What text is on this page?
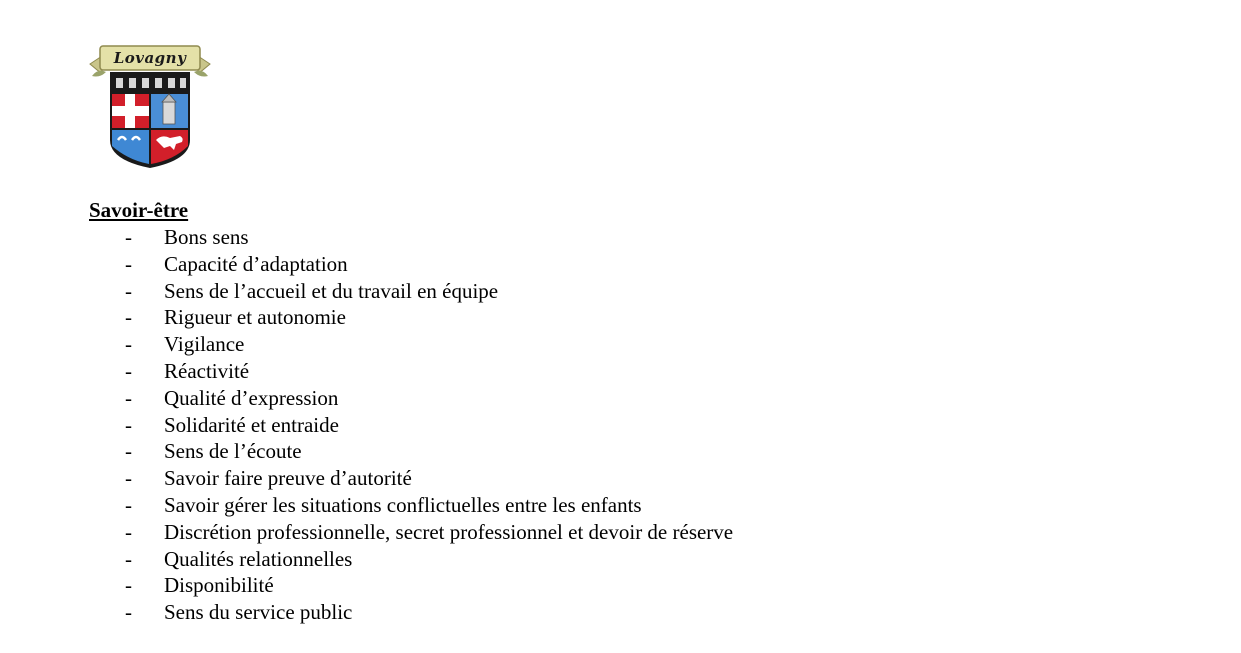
Lovagny
Savoir-être
- Bons sens
- Capacité d’adaptation
- Sens de l’accueil et du travail en équipe
- Rigueur et autonomie
- Vigilance
- Réactivité
- Qualité d’expression
- Solidarité et entraide
- Sens de l’écoute
- Savoir faire preuve d’autorité
- Savoir gérer les situations conflictuelles entre les enfants
- Discrétion professionnelle, secret professionnel et devoir de réserve
- Qualités relationnelles
- Disponibilité
- Sens du service public
